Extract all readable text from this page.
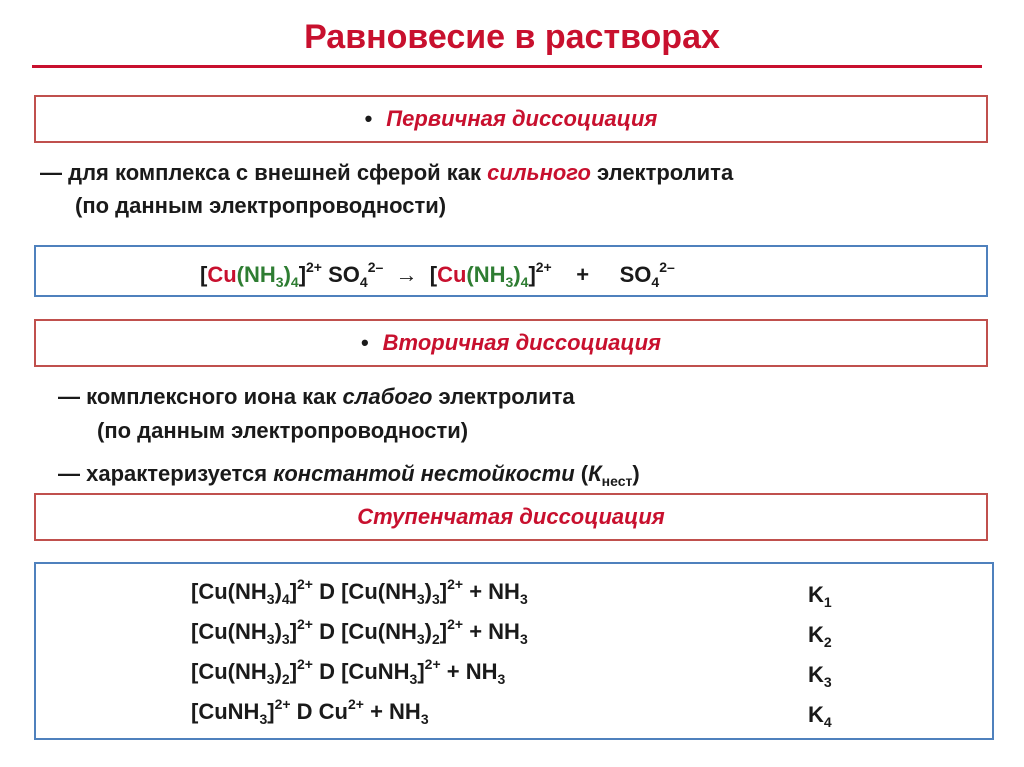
Равновесие в растворах
• Первичная диссоциация
— для комплекса с внешней сферой как сильного электролита
(по данным электропроводности)
$[Cu(NH_3)_4]^{2+}$ $SO_4^{2-} \to [Cu(NH_3)_4]^{2+} + SO_4^{2-}$
• Вторичная диссоциация
— комплексного иона как слабого электролита
(по данным электропроводности)
— характеризуется константой нестойкости $(К_{нест})$
Ступенчатая диссоциация
$[Cu(NH_3)_4]^{2+}$ D $[Cu(NH_3)_3]^{2+} + NH_3$	$K_1$
$[Cu(NH_3)_3]^{2+}$ D $[Cu(NH_3)_2]^{2+} + NH_3$	$K_2$
$[Cu(NH_3)_2]^{2+}$ D [CuNH$_3$]$^{2+}$ + $NH_3$	$K_3$
[CuNH$_3$]$^{2+}$ D $Cu^{2+} + NH_3$	$K_4$
